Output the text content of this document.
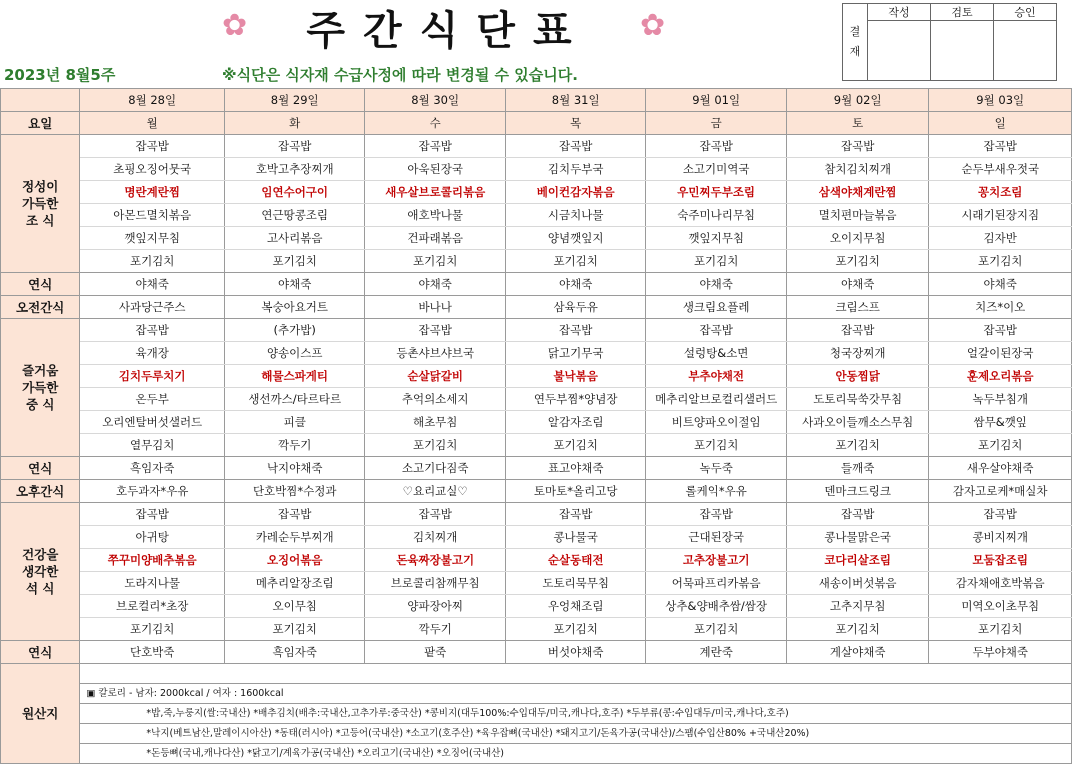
✿	주간식단표	✿
2023년 8월5주	※식단은 식자재 수급사정에 따라 변경될 수 있습니다.
결 재	작성	검토	승인

	8월 28일	8월 29일	8월 30일	8월 31일	9월 01일	9월 02일	9월 03일
요일	월	화	수	목	금	토	일
정성이 가득한 조 식	잡곡밥	잡곡밥	잡곡밥	잡곡밥	잡곡밥	잡곡밥	잡곡밥
	초핑오징어뭇국	호박고추장찌개	아욱된장국	김치두부국	소고기미역국	참치김치찌개	순두부새우젓국
	명란계란찜	임연수어구이	새우살브로콜리볶음	베이컨감자볶음	우민찌두부조림	삼색야채계란찜	꽁치조림
	아몬드멸치볶음	연근땅콩조림	애호박나물	시금치나물	숙주미나리무침	멸치편마늘볶음	시래기된장지짐
	깻잎지무침	고사리볶음	건파래볶음	양념깻잎지	깻잎지무침	오이지무침	김자반
	포기김치	포기김치	포기김치	포기김치	포기김치	포기김치	포기김치
연식	야채죽	야채죽	야채죽	야채죽	야채죽	야채죽	야채죽
오전간식	사과당근주스	복숭아요거트	바나나	삼육두유	생크림요플레	크림스프	치즈*이오
즐거움 가득한 중 식	잡곡밥	(추가밥)	잡곡밥	잡곡밥	잡곡밥	잡곡밥	잡곡밥
	육개장	양송이스프	등촌샤브샤브국	닭고기무국	설렁탕&소면	청국장찌개	얼갈이된장국
	김치두루치기	해물스파게티	순살닭갈비	불낙볶음	부추야채전	안동찜닭	훈제오리볶음
	온두부	생선까스/타르타르	추억의소세지	연두부찜*양념장	메추리알브로컬리샐러드	도토리묵쑥갓무침	녹두부침개
	오리엔탈버섯샐러드	피클	해초무침	알감자조림	비트양파오이절임	사과오이들깨소스무침	쌈무&깻잎
	열무김치	깍두기	포기김치	포기김치	포기김치	포기김치	포기김치
연식	흑임자죽	낙지야채죽	소고기다짐죽	표고야채죽	녹두죽	들깨죽	새우살야채죽
오후간식	호두과자*우유	단호박찜*수정과	♡요리교실♡	토마토*올리고당	롤케익*우유	덴마크드링크	감자고로케*매실차
건강을 생각한 석 식	잡곡밥	잡곡밥	잡곡밥	잡곡밥	잡곡밥	잡곡밥	잡곡밥
	아귀탕	카레순두부찌개	김치찌개	콩나물국	근대된장국	콩나물맑은국	콩비지찌개
	쭈꾸미양배추볶음	오징어볶음	돈육짜장불고기	순살동태전	고추장불고기	코다리살조림	모둠잡조림
	도라지나물	메추리알장조림	브로콜리참깨무침	도토리묵무침	어묵파프리카볶음	새송이버섯볶음	감자채애호박볶음
	브로컬리*초장	오이무침	양파장아찌	우엉채조림	상추&양배추쌈/쌈장	고추지무침	미역오이초무침
	포기김치	포기김치	깍두기	포기김치	포기김치	포기김치	포기김치
연식	단호박죽	흑임자죽	팥죽	버섯야채죽	계란죽	게살야채죽	두부야채죽
원산지							
	▣ 칼로리 - 남자: 2000kcal / 여자 : 1600kcal						
	*밥,죽,누룽지(쌀:국내산) *배추김치(배추:국내산,고추가루:중국산) *콩비지(대두100%:수입대두/미국,캐나다,호주) *두부류(콩:수입대두/미국,캐나다,호주)						
	*낙지(베트남산,말레이시아산) *동태(러시아) *고등어(국내산) *소고기(호주산) *육우잡뼈(국내산) *돼지고기/돈육가공(국내산)/스팸(수입산80% +국내산20%)						
	*돈등뼈(국내,캐나다산) *닭고기/계육가공(국내산) *오리고기(국내산) *오징어(국내산)						
